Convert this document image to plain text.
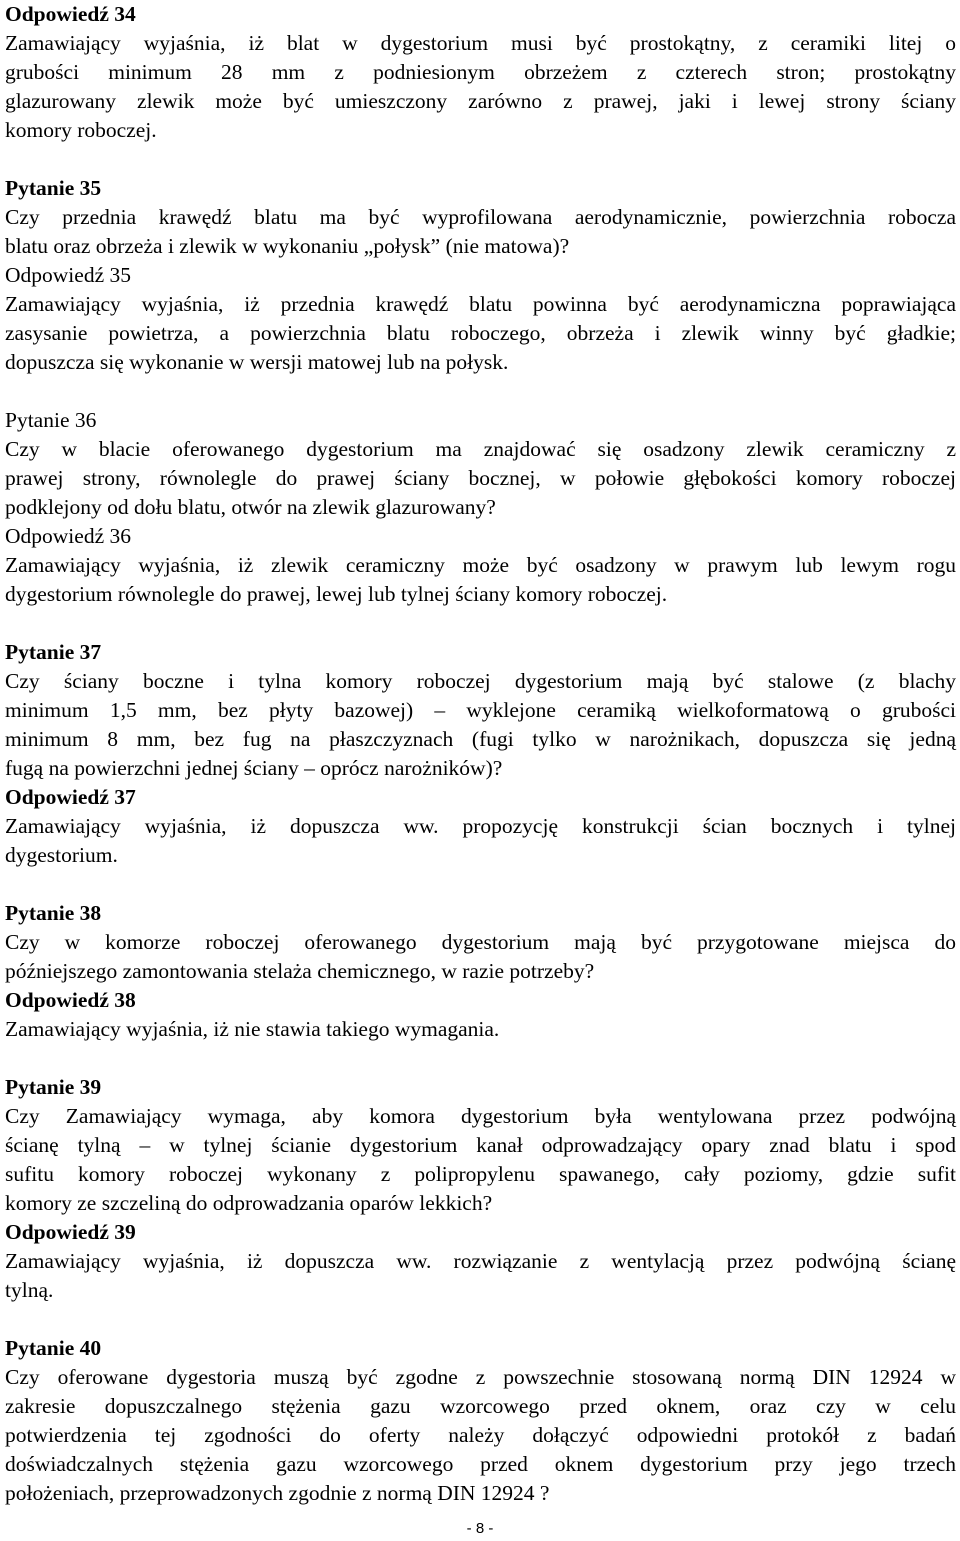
Odpowiedź 34
Zamawiający wyjaśnia, iż blat w dygestorium musi być prostokątny, z ceramiki litej o
grubości minimum 28 mm z podniesionym obrzeżem z czterech stron; prostokątny
glazurowany zlewik może być umieszczony zarówno z prawej, jaki i lewej strony ściany
komory roboczej.
Pytanie 35
Czy przednia krawędź blatu ma być wyprofilowana aerodynamicznie, powierzchnia robocza
blatu oraz obrzeża i zlewik w wykonaniu „połysk” (nie matowa)?
Odpowiedź 35
Zamawiający wyjaśnia, iż przednia krawędź blatu powinna być aerodynamiczna poprawiająca
zasysanie powietrza, a powierzchnia blatu roboczego, obrzeża i zlewik winny być gładkie;
dopuszcza się wykonanie w wersji matowej lub na połysk.
Pytanie 36
Czy w blacie oferowanego dygestorium ma znajdować się osadzony zlewik ceramiczny z
prawej strony, równolegle do prawej ściany bocznej, w połowie głębokości komory roboczej
podklejony od dołu blatu, otwór na zlewik glazurowany?
Odpowiedź 36
Zamawiający wyjaśnia, iż zlewik ceramiczny może być osadzony w prawym lub lewym rogu
dygestorium równolegle do prawej, lewej lub tylnej ściany komory roboczej.
Pytanie 37
Czy ściany boczne i tylna komory roboczej dygestorium mają być stalowe (z blachy
minimum 1,5 mm, bez płyty bazowej) – wyklejone ceramiką wielkoformatową o grubości
minimum 8 mm, bez fug na płaszczyznach (fugi tylko w narożnikach, dopuszcza się jedną
fugą na powierzchni jednej ściany – oprócz narożników)?
Odpowiedź 37
Zamawiający wyjaśnia, iż dopuszcza ww. propozycję konstrukcji ścian bocznych i tylnej
dygestorium.
Pytanie 38
Czy w komorze roboczej oferowanego dygestorium mają być przygotowane miejsca do
późniejszego zamontowania stelaża chemicznego, w razie potrzeby?
Odpowiedź 38
Zamawiający wyjaśnia, iż nie stawia takiego wymagania.
Pytanie 39
Czy Zamawiający wymaga, aby komora dygestorium była wentylowana przez podwójną
ścianę tylną – w tylnej ścianie dygestorium kanał odprowadzający opary znad blatu i spod
sufitu komory roboczej wykonany z polipropylenu spawanego, cały poziomy, gdzie sufit
komory ze szczeliną do odprowadzania oparów lekkich?
Odpowiedź 39
Zamawiający wyjaśnia, iż dopuszcza ww. rozwiązanie z wentylacją przez podwójną ścianę
tylną.
Pytanie 40
Czy oferowane dygestoria muszą być zgodne z powszechnie stosowaną normą DIN 12924 w
zakresie dopuszczalnego stężenia gazu wzorcowego przed oknem, oraz czy w celu
potwierdzenia tej zgodności do oferty należy dołączyć odpowiedni protokół z badań
doświadczalnych stężenia gazu wzorcowego przed oknem dygestorium przy jego trzech
położeniach, przeprowadzonych zgodnie z normą DIN 12924 ?
- 8 -
